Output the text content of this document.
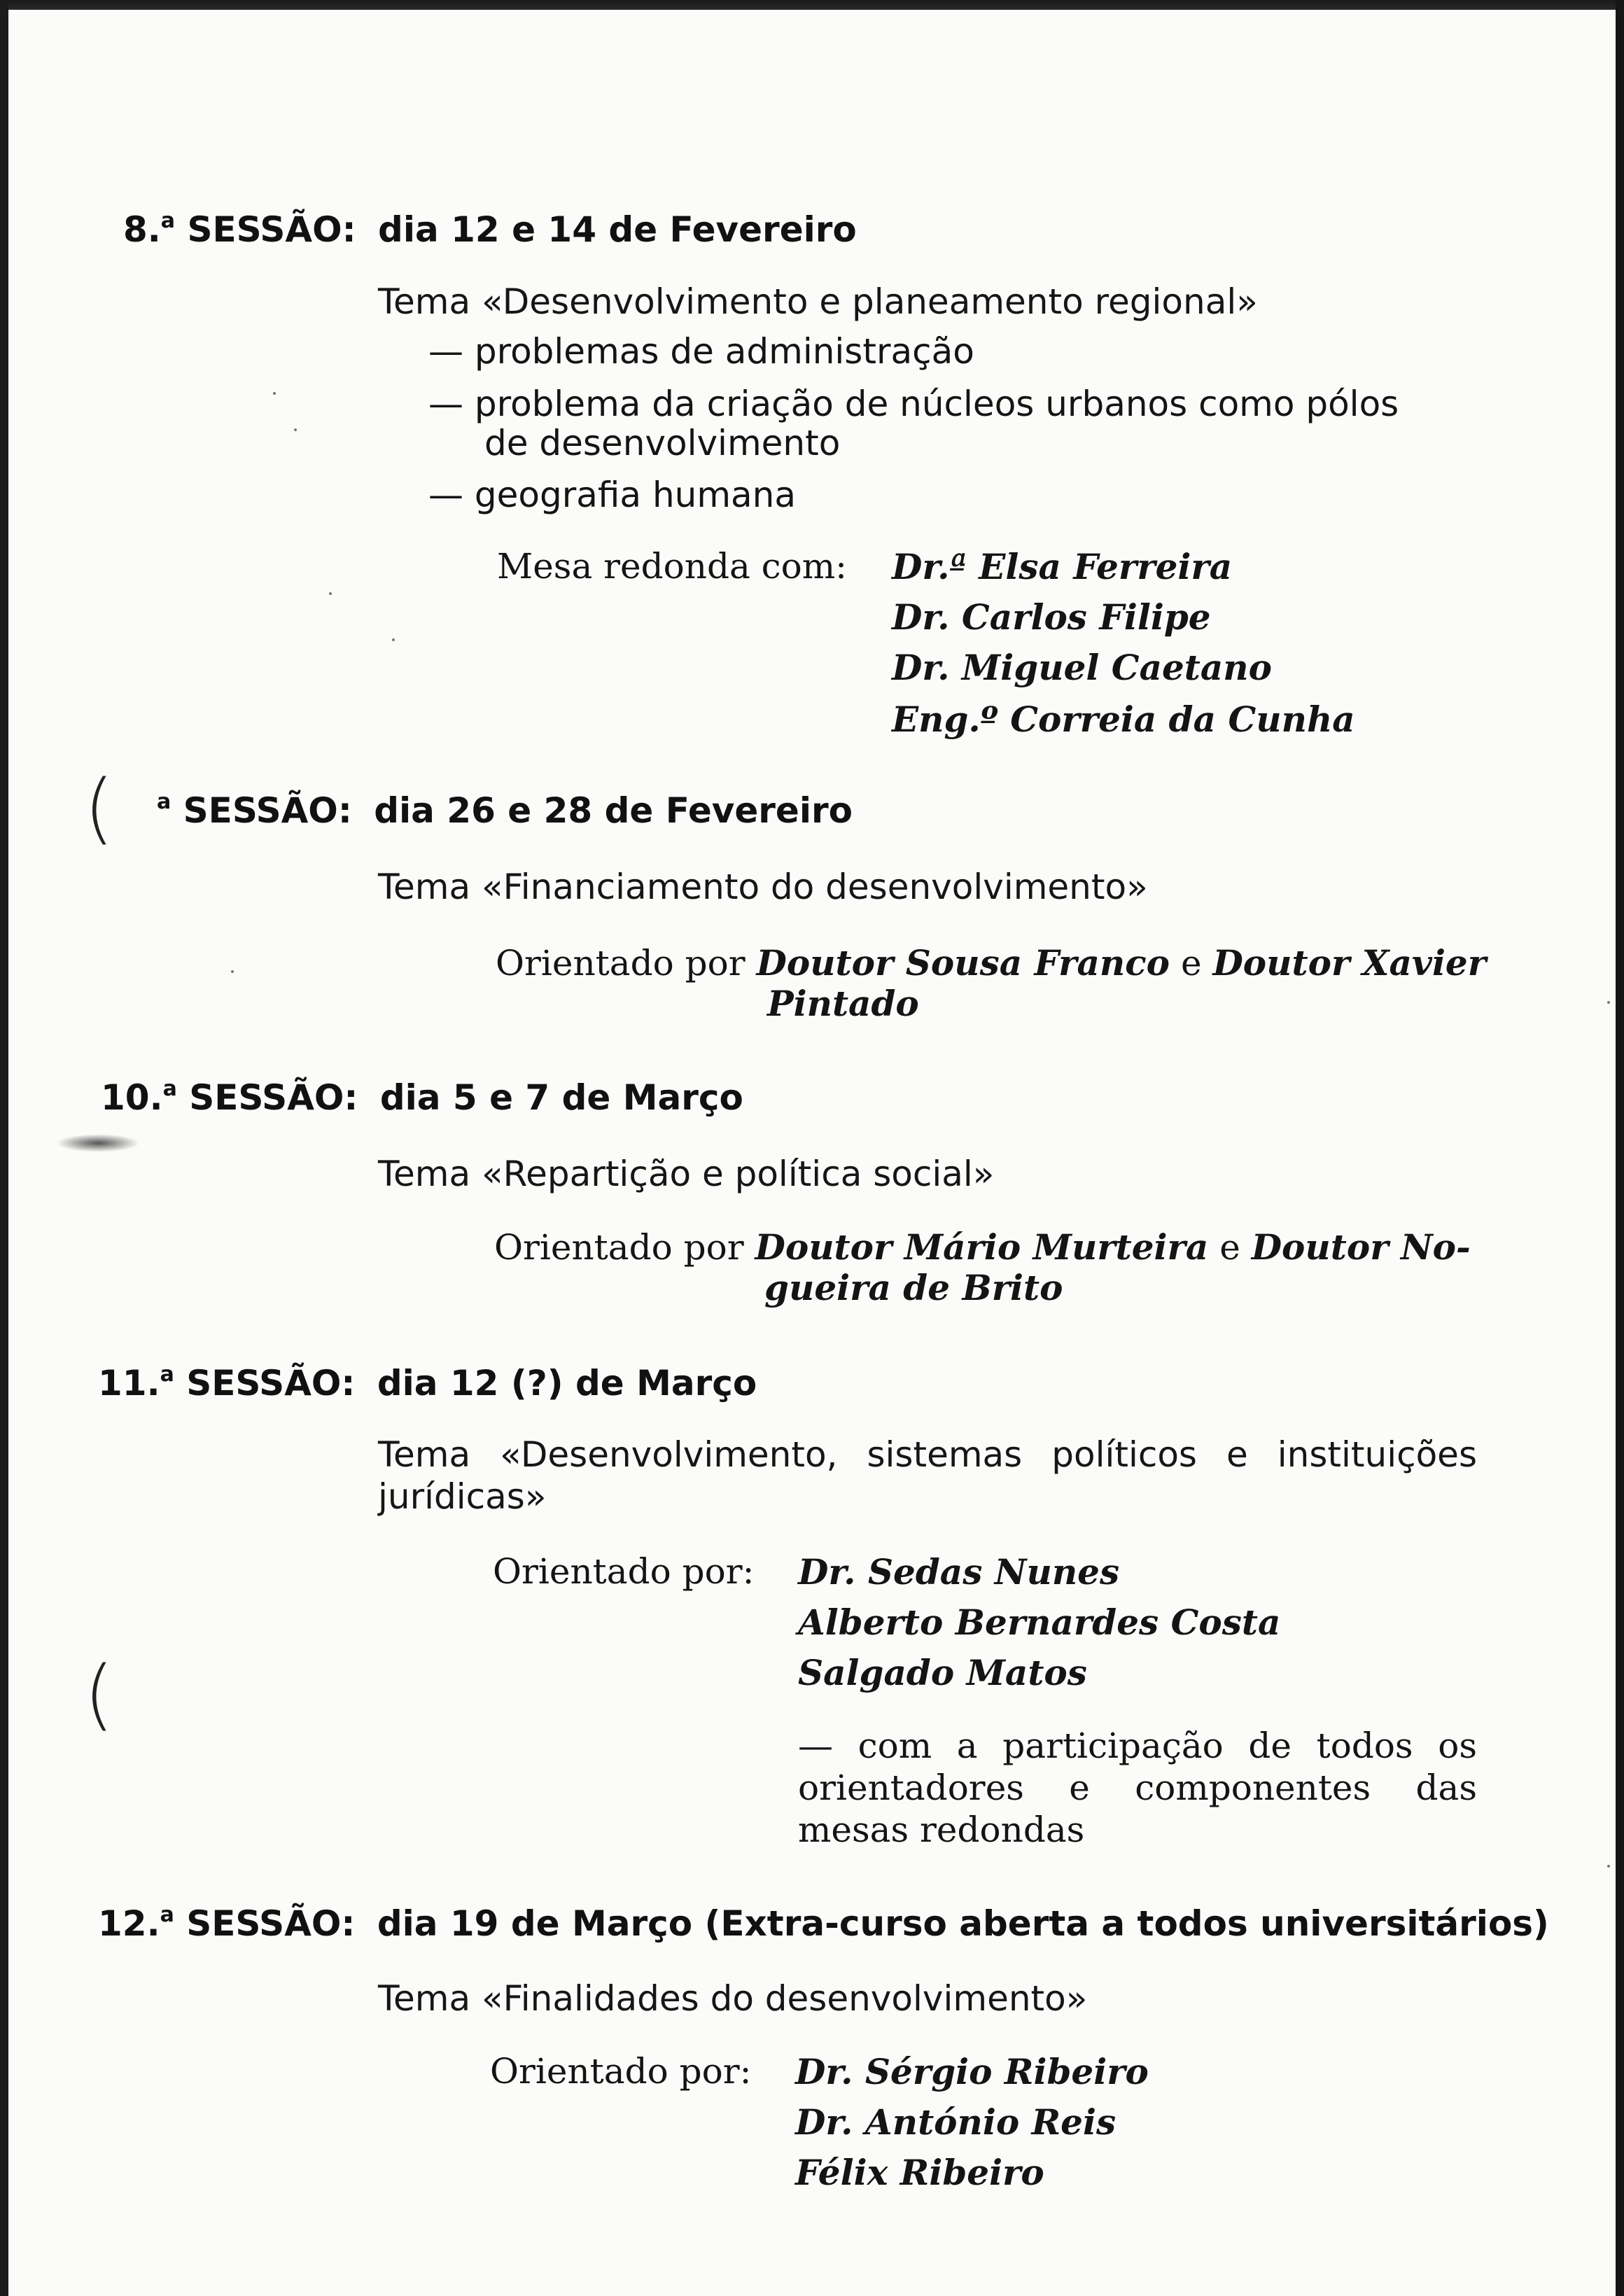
8.$^a$ SESSÃO: dia 12 e 14 de Fevereiro
Tema «Desenvolvimento e planeamento regional»
— problemas de administração
— problema da criação de núcleos urbanos como pólos
de desenvolvimento
— geografia humana
Mesa redonda com: Dr.ª Elsa Ferreira
Dr. Carlos Filipe
Dr. Miguel Caetano
Eng.º Correia da Cunha
( $^a$ SESSÃO: dia 26 e 28 de Fevereiro
Tema «Financiamento do desenvolvimento»
Orientado por Doutor Sousa Franco e Doutor Xavier
Pintado
10.$^a$ SESSÃO: dia 5 e 7 de Março
Tema «Repartição e política social»
Orientado por Doutor Mário Murteira e Doutor No-
gueira de Brito
11.$^a$ SESSÃO: dia 12 (?) de Março
Tema «Desenvolvimento, sistemas políticos e instituições jurídicas»
Orientado por: Dr. Sedas Nunes
Alberto Bernardes Costa
Salgado Matos
(
— com a participação de todos os orientadores e componentes das mesas redondas
12.$^a$ SESSÃO: dia 19 de Março (Extra-curso aberta a todos universitários)
Tema «Finalidades do desenvolvimento»
Orientado por: Dr. Sérgio Ribeiro
Dr. António Reis
Félix Ribeiro
